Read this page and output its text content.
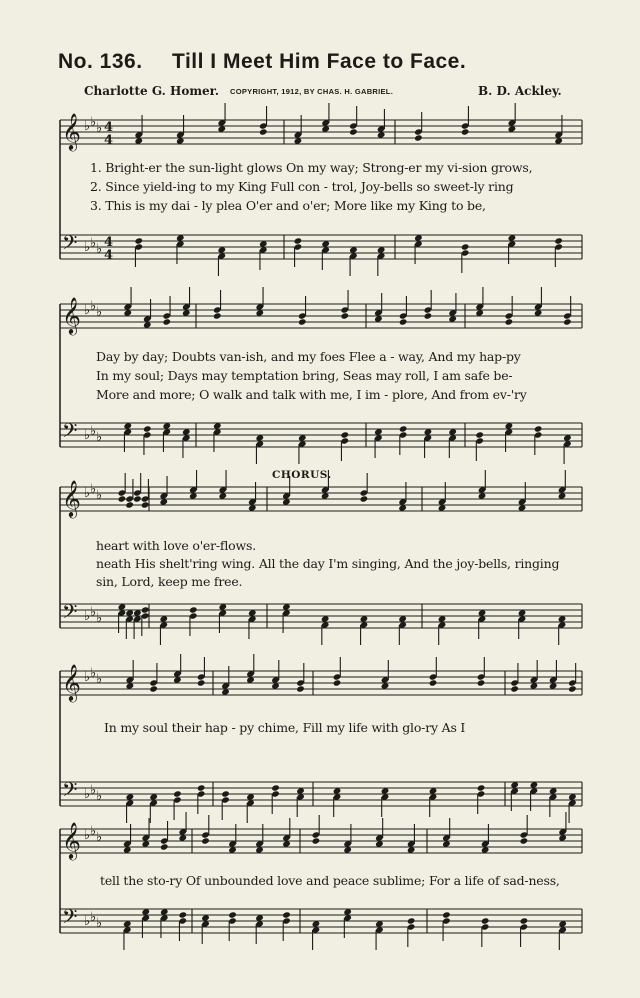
No. 136. Till I Meet Him Face to Face.
Charlotte G. Homer. COPYRIGHT, 1912, BY CHAS. H. GABRIEL.	B. D. Ackley.
𝄞
𝄢
♭
♭
♭
♭
♭
♭
4
4
4
4
𝄞
𝄢
♭
♭
♭
♭
♭
♭
𝄞
𝄢
♭
♭
♭
♭
♭
♭
𝄞
𝄢
♭
♭
♭
♭
♭
♭
𝄞
𝄢
♭
♭
♭
♭
♭
♭
CHORUS.
1. Bright-er the sun-light glows On my way; Strong-er my vi-sion grows,
2. Since yield-ing to my King Full con - trol, Joy-bells so sweet-ly ring
3. This is my dai - ly plea O'er and o'er; More like my King to be,
Day by day; Doubts van-ish, and my foes Flee a - way, And my hap-py
In my soul; Days may temptation bring, Seas may roll, I am safe be-
More and more; O walk and talk with me, I im - plore, And from ev-'ry
heart with love o'er-flows.
neath His shelt'ring wing. All the day I'm singing, And the joy-bells, ringing
sin, Lord, keep me free.
In my soul their hap - py chime, Fill my life with glo-ry As I
tell the sto-ry Of unbounded love and peace sublime; For a life of sad-ness,
